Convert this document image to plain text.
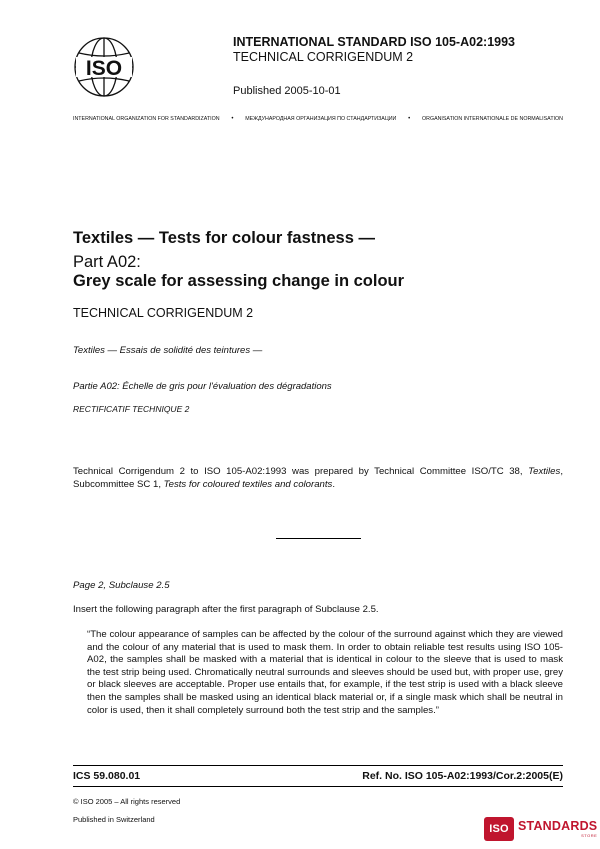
ISO
INTERNATIONAL STANDARD ISO 105-A02:1993
TECHNICAL CORRIGENDUM 2
Published 2005-10-01
INTERNATIONAL ORGANIZATION FOR STANDARDIZATION • МЕЖДУНАРОДНАЯ ОРГАНИЗАЦИЯ ПО СТАНДАРТИЗАЦИИ • ORGANISATION INTERNATIONALE DE NORMALISATION
Textiles — Tests for colour fastness —
Part A02:
Grey scale for assessing change in colour
TECHNICAL CORRIGENDUM 2
Textiles — Essais de solidité des teintures —
Partie A02: Échelle de gris pour l'évaluation des dégradations
RECTIFICATIF TECHNIQUE 2
Technical Corrigendum 2 to ISO 105-A02:1993 was prepared by Technical Committee ISO/TC 38, Textiles, Subcommittee SC 1, Tests for coloured textiles and colorants.
Page 2, Subclause 2.5
Insert the following paragraph after the first paragraph of Subclause 2.5.
“The colour appearance of samples can be affected by the colour of the surround against which they are viewed and the colour of any material that is used to mask them. In order to obtain reliable test results using ISO 105-A02, the samples shall be masked with a material that is identical in colour to the sleeve that is used to mask the test strip being used. Chromatically neutral surrounds and sleeves should be used but, with proper use, grey or black sleeves are acceptable. Proper use entails that, for example, if the test strip is used with a black sleeve then the samples shall be masked using an identical black material or, if a single mask which shall be neutral in color is used, then it shall completely surround both the test strip and the samples.”
ICS 59.080.01	Ref. No. ISO 105-A02:1993/Cor.2:2005(E)
© ISO 2005 – All rights reserved
Published in Switzerland
ISO STANDARDS
STORE
